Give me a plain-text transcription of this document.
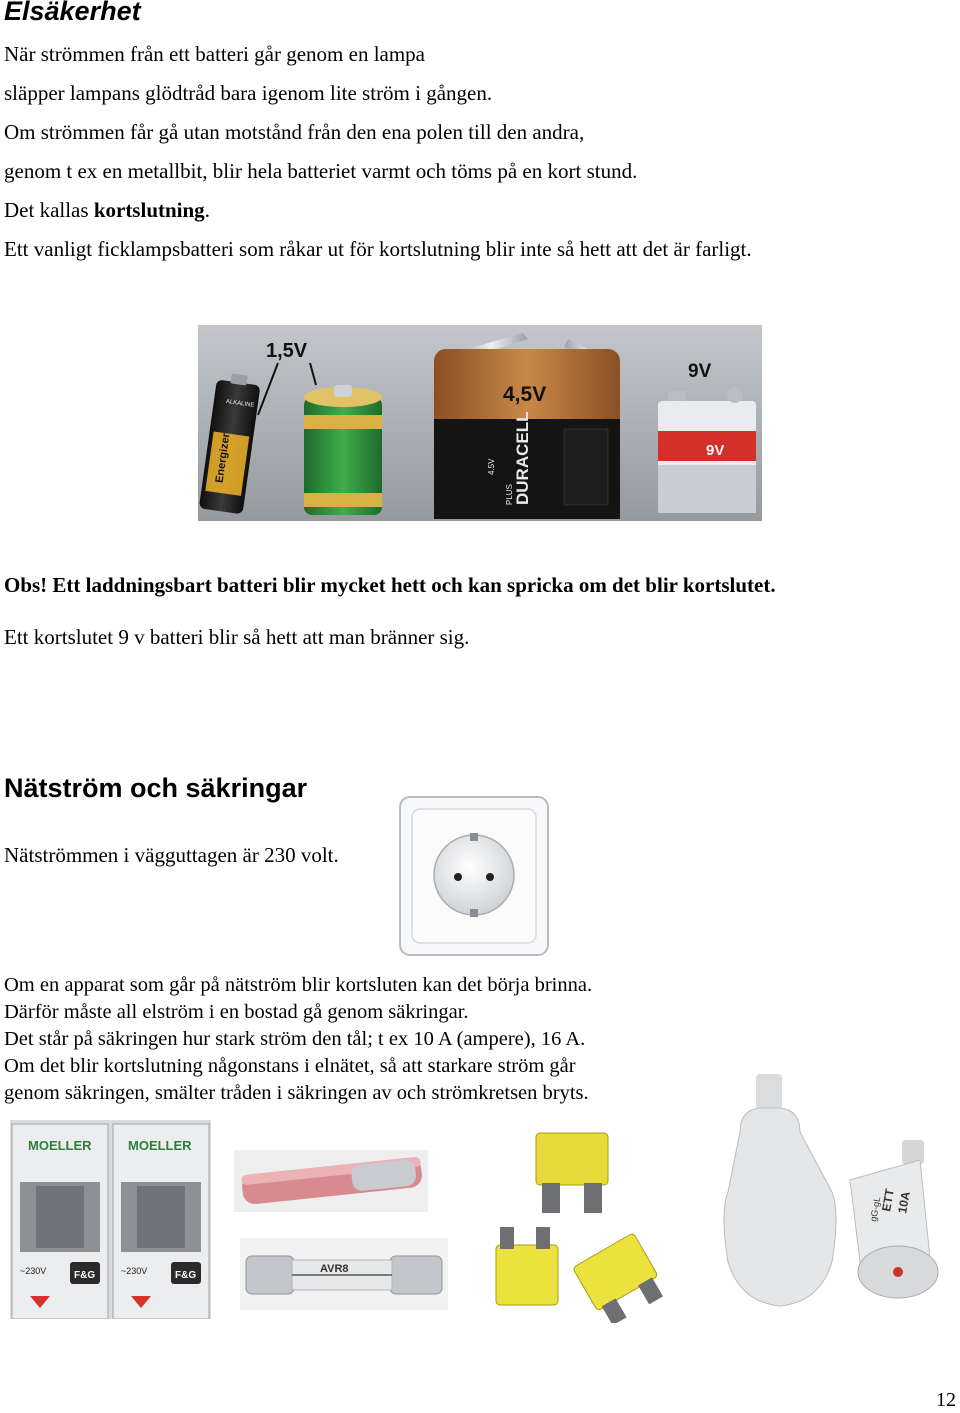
Elsäkerhet
När strömmen från ett batteri går genom en lampa
släpper lampans glödtråd bara igenom lite ström i gången.
Om strömmen får gå utan motstånd från den ena polen till den andra,
genom t ex en metallbit, blir hela batteriet varmt och töms på en kort stund.
Det kallas kortslutning.
Ett vanligt ficklampsbatteri som råkar ut för kortslutning blir inte så hett att det är farligt.
1,5V
Energizer
ALKALINE	4,5V
DURACELL
PLUS
4.5V
9V
9V
Obs! Ett laddningsbart batteri blir mycket hett och kan spricka om det blir kortslutet.
Ett kortslutet 9 v batteri blir så hett att man bränner sig.
Nätström och säkringar
Nätströmmen i vägguttagen är 230 volt.
Om en apparat som går på nätström blir kortsluten kan det börja brinna.
Därför måste all elström i en bostad gå genom säkringar.
Det står på säkringen hur stark ström den tål; t ex 10 A (ampere), 16 A.
Om det blir kortslutning någonstans i elnätet, så att starkare ström går
genom säkringen, smälter tråden i säkringen av och strömkretsen bryts.
MOELLER
~230V	F&G
MOELLER
~230V	F&G
AVR8
ETT
10A
gG-gL
12
